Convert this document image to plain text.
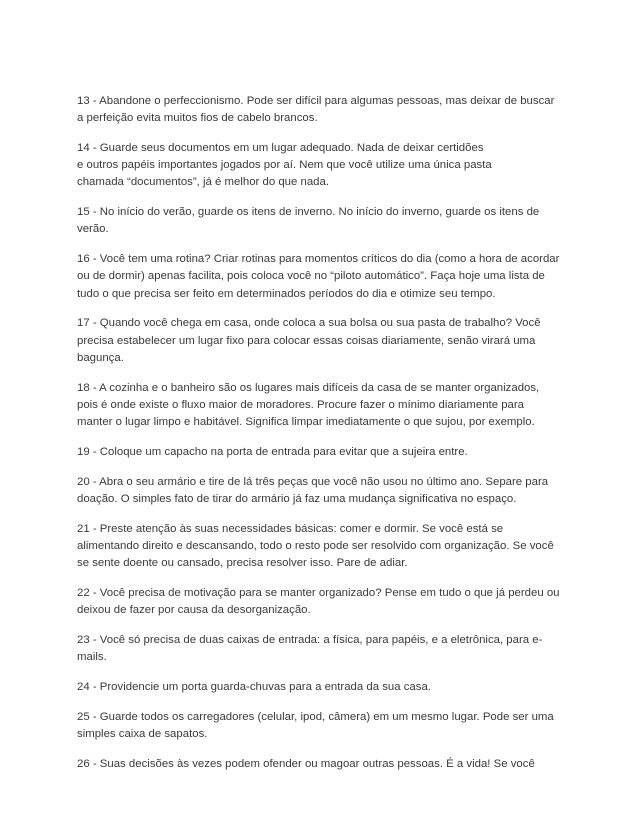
13 - Abandone o perfeccionismo. Pode ser difícil para algumas pessoas, mas deixar de buscar
a perfeição evita muitos fios de cabelo brancos.

14 - Guarde seus documentos em um lugar adequado. Nada de deixar certidões
e outros papéis importantes jogados por aí. Nem que você utilize uma única pasta
chamada “documentos”, já é melhor do que nada.

15 - No início do verão, guarde os itens de inverno. No início do inverno, guarde os itens de
verão.

16 - Você tem uma rotina? Criar rotinas para momentos críticos do dia (como a hora de acordar
ou de dormir) apenas facilita, pois coloca você no “piloto automático”. Faça hoje uma lista de
tudo o que precisa ser feito em determinados períodos do dia e otimize seu tempo.

17 - Quando você chega em casa, onde coloca a sua bolsa ou sua pasta de trabalho? Você
precisa estabelecer um lugar fixo para colocar essas coisas diariamente, senão virará uma
bagunça.

18 - A cozinha e o banheiro são os lugares mais difíceis da casa de se manter organizados,
pois é onde existe o fluxo maior de moradores. Procure fazer o mínimo diariamente para
manter o lugar limpo e habitável. Significa limpar imediatamente o que sujou, por exemplo.

19 - Coloque um capacho na porta de entrada para evitar que a sujeira entre.

20 - Abra o seu armário e tire de lá três peças que você não usou no último ano. Separe para
doação. O simples fato de tirar do armário já faz uma mudança significativa no espaço.

21 - Preste atenção às suas necessidades básicas: comer e dormir. Se você está se
alimentando direito e descansando, todo o resto pode ser resolvido com organização. Se você
se sente doente ou cansado, precisa resolver isso. Pare de adiar.

22 - Você precisa de motivação para se manter organizado? Pense em tudo o que já perdeu ou
deixou de fazer por causa da desorganização.

23 - Você só precisa de duas caixas de entrada: a física, para papéis, e a eletrônica, para e-
mails.

24 - Providencie um porta guarda-chuvas para a entrada da sua casa.

25 - Guarde todos os carregadores (celular, ipod, câmera) em um mesmo lugar. Pode ser uma
simples caixa de sapatos.

26 - Suas decisões às vezes podem ofender ou magoar outras pessoas. É a vida! Se você
